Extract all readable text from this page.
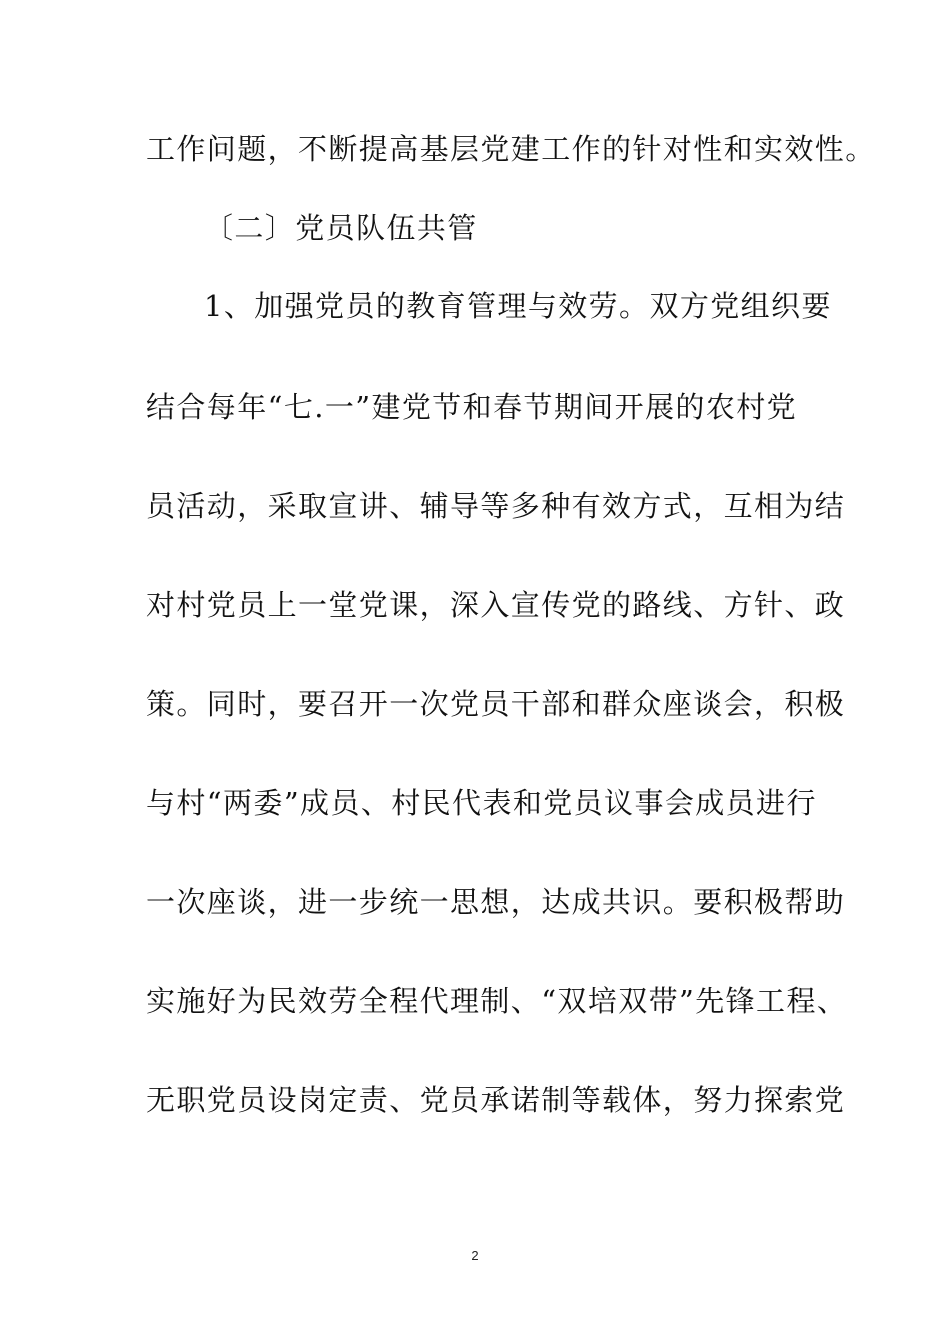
工作问题，不断提高基层党建工作的针对性和实效性。
〔二〕党员队伍共管
1、加强党员的教育管理与效劳。双方党组织要
结合每年“七.一”建党节和春节期间开展的农村党
员活动，采取宣讲、辅导等多种有效方式，互相为结
对村党员上一堂党课，深入宣传党的路线、方针、政
策。同时，要召开一次党员干部和群众座谈会，积极
与村“两委”成员、村民代表和党员议事会成员进行
一次座谈，进一步统一思想，达成共识。要积极帮助
实施好为民效劳全程代理制、“双培双带”先锋工程、
无职党员设岗定责、党员承诺制等载体，努力探索党
2
